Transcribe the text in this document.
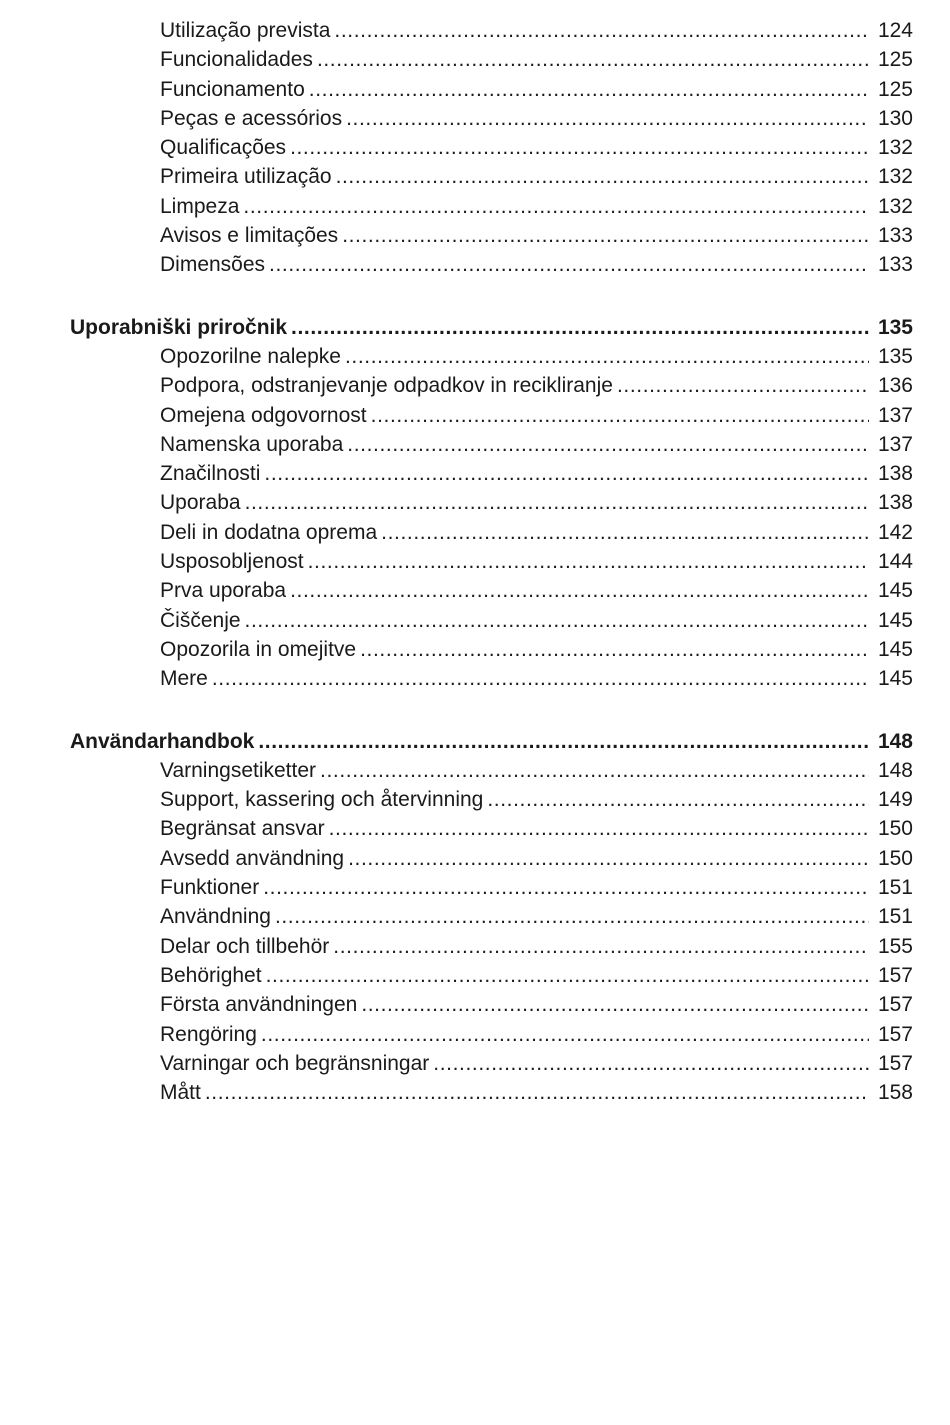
Utilização prevista .....	124
Funcionalidades .....	125
Funcionamento .....	125
Peças e acessórios .....	130
Qualificações .....	132
Primeira utilização .....	132
Limpeza .....	132
Avisos e limitações .....	133
Dimensões .....	133
Uporabniški priročnik .....	135
Opozorilne nalepke .....	135
Podpora, odstranjevanje odpadkov in recikliranje .....	136
Omejena odgovornost .....	137
Namenska uporaba .....	137
Značilnosti .....	138
Uporaba .....	138
Deli in dodatna oprema .....	142
Usposobljenost .....	144
Prva uporaba .....	145
Čiščenje .....	145
Opozorila in omejitve .....	145
Mere .....	145
Användarhandbok .....	148
Varningsetiketter .....	148
Support, kassering och återvinning .....	149
Begränsat ansvar .....	150
Avsedd användning .....	150
Funktioner .....	151
Användning .....	151
Delar och tillbehör .....	155
Behörighet .....	157
Första användningen .....	157
Rengöring .....	157
Varningar och begränsningar .....	157
Mått .....	158
